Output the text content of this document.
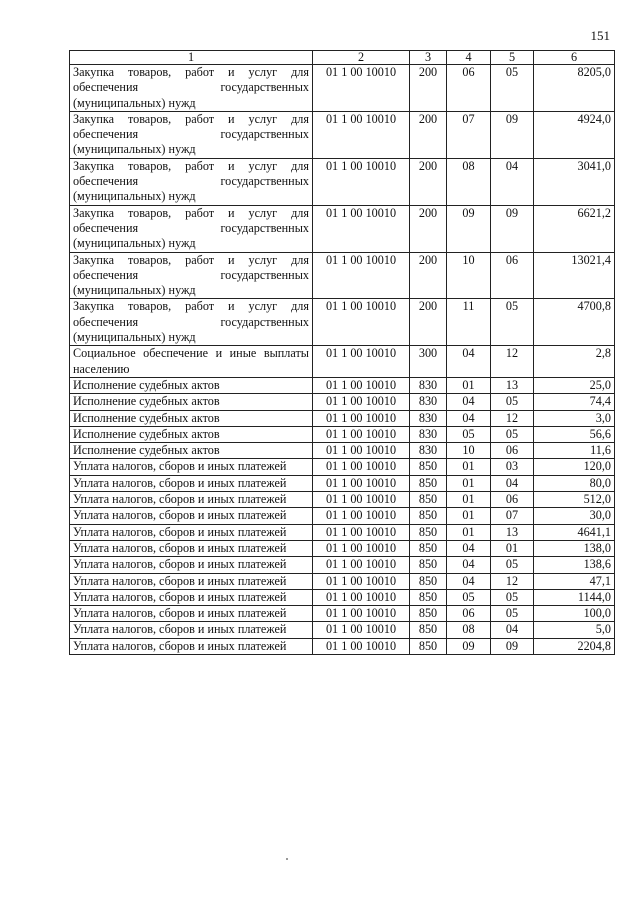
151
1	2	3	4	5	6
Закупка товаров, работ и услуг для обеспечения государственных (муниципальных) нужд	01 1 00 10010	200	06	05	8205,0
Закупка товаров, работ и услуг для обеспечения государственных (муниципальных) нужд	01 1 00 10010	200	07	09	4924,0
Закупка товаров, работ и услуг для обеспечения государственных (муниципальных) нужд	01 1 00 10010	200	08	04	3041,0
Закупка товаров, работ и услуг для обеспечения государственных (муниципальных) нужд	01 1 00 10010	200	09	09	6621,2
Закупка товаров, работ и услуг для обеспечения государственных (муниципальных) нужд	01 1 00 10010	200	10	06	13021,4
Закупка товаров, работ и услуг для обеспечения государственных (муниципальных) нужд	01 1 00 10010	200	11	05	4700,8
Социальное обеспечение и иные выплаты населению	01 1 00 10010	300	04	12	2,8
Исполнение судебных актов	01 1 00 10010	830	01	13	25,0
Исполнение судебных актов	01 1 00 10010	830	04	05	74,4
Исполнение судебных актов	01 1 00 10010	830	04	12	3,0
Исполнение судебных актов	01 1 00 10010	830	05	05	56,6
Исполнение судебных актов	01 1 00 10010	830	10	06	11,6
Уплата налогов, сборов и иных платежей	01 1 00 10010	850	01	03	120,0
Уплата налогов, сборов и иных платежей	01 1 00 10010	850	01	04	80,0
Уплата налогов, сборов и иных платежей	01 1 00 10010	850	01	06	512,0
Уплата налогов, сборов и иных платежей	01 1 00 10010	850	01	07	30,0
Уплата налогов, сборов и иных платежей	01 1 00 10010	850	01	13	4641,1
Уплата налогов, сборов и иных платежей	01 1 00 10010	850	04	01	138,0
Уплата налогов, сборов и иных платежей	01 1 00 10010	850	04	05	138,6
Уплата налогов, сборов и иных платежей	01 1 00 10010	850	04	12	47,1
Уплата налогов, сборов и иных платежей	01 1 00 10010	850	05	05	1144,0
Уплата налогов, сборов и иных платежей	01 1 00 10010	850	06	05	100,0
Уплата налогов, сборов и иных платежей	01 1 00 10010	850	08	04	5,0
Уплата налогов, сборов и иных платежей	01 1 00 10010	850	09	09	2204,8
